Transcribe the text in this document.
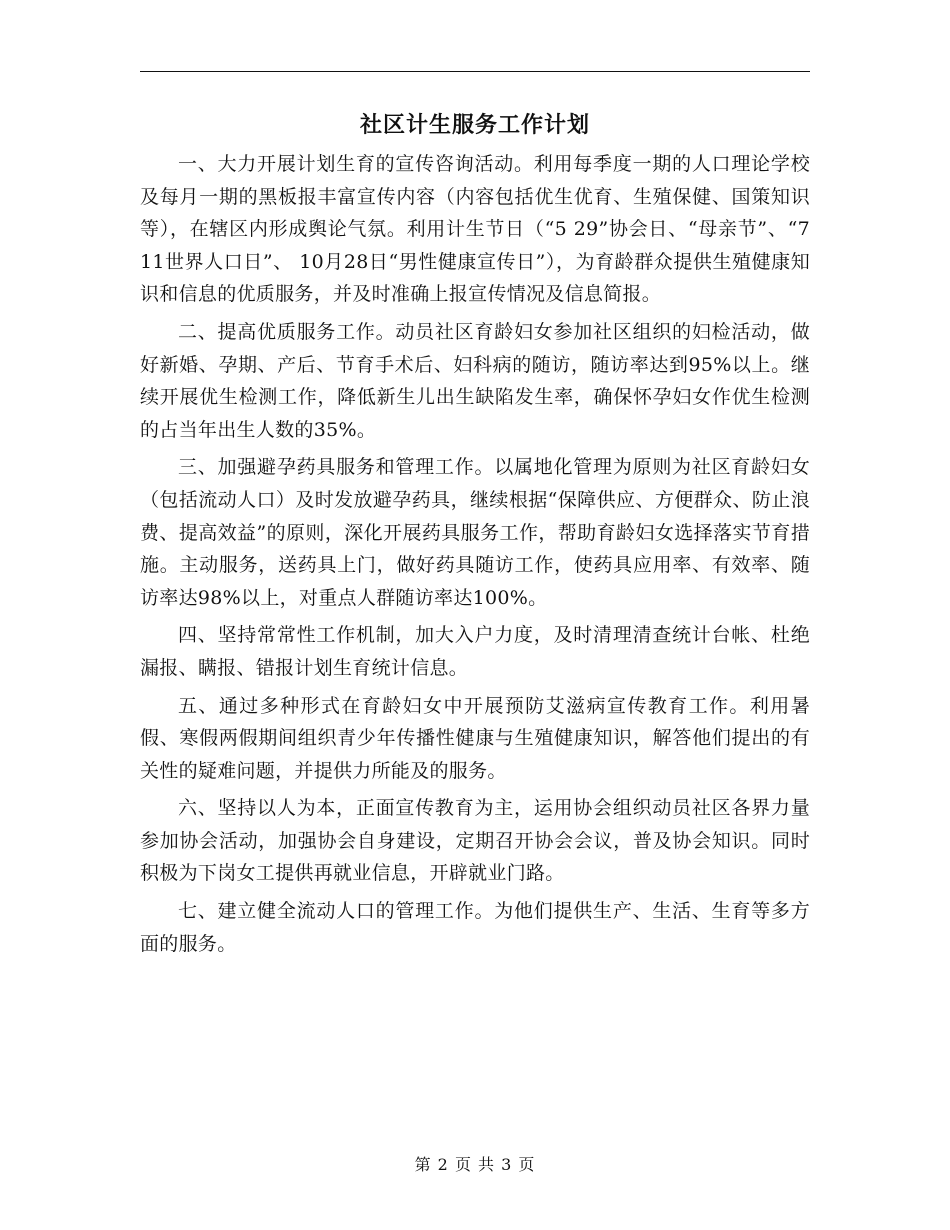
社区计生服务工作计划

一、大力开展计划生育的宣传咨询活动。利用每季度一期的人口理论学校及每月一期的黑板报丰富宣传内容（内容包括优生优育、生殖保健、国策知识等），在辖区内形成舆论气氛。利用计生节日（“5 29”协会日、“母亲节”、“7 11世界人口日”、 10月28日“男性健康宣传日”），为育龄群众提供生殖健康知识和信息的优质服务，并及时准确上报宣传情况及信息简报。

二、提高优质服务工作。动员社区育龄妇女参加社区组织的妇检活动，做好新婚、孕期、产后、节育手术后、妇科病的随访，随访率达到95%以上。继续开展优生检测工作，降低新生儿出生缺陷发生率，确保怀孕妇女作优生检测的占当年出生人数的35%。

三、加强避孕药具服务和管理工作。以属地化管理为原则为社区育龄妇女（包括流动人口）及时发放避孕药具，继续根据“保障供应、方便群众、防止浪费、提高效益”的原则，深化开展药具服务工作，帮助育龄妇女选择落实节育措施。主动服务，送药具上门，做好药具随访工作，使药具应用率、有效率、随访率达98%以上，对重点人群随访率达100%。

四、坚持常常性工作机制，加大入户力度，及时清理清查统计台帐、杜绝漏报、瞒报、错报计划生育统计信息。

五、通过多种形式在育龄妇女中开展预防艾滋病宣传教育工作。利用暑假、寒假两假期间组织青少年传播性健康与生殖健康知识，解答他们提出的有关性的疑难问题，并提供力所能及的服务。

六、坚持以人为本，正面宣传教育为主，运用协会组织动员社区各界力量参加协会活动，加强协会自身建设，定期召开协会会议，普及协会知识。同时积极为下岗女工提供再就业信息，开辟就业门路。

七、建立健全流动人口的管理工作。为他们提供生产、生活、生育等多方面的服务。

第 2 页 共 3 页
